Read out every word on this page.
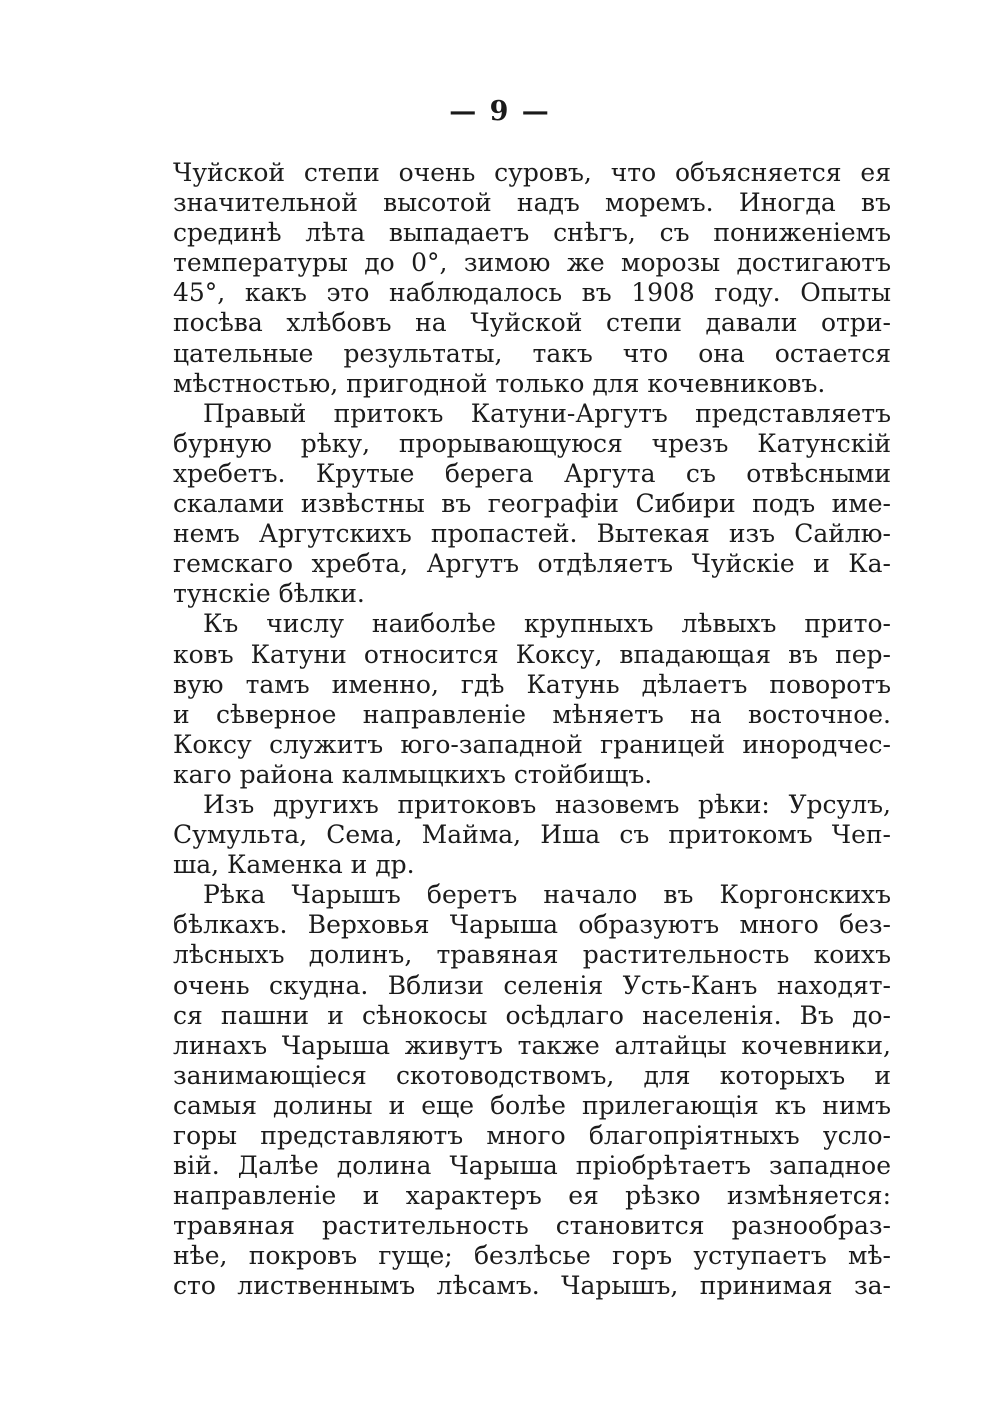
— 9 —
Чуйской степи очень суровъ, что объясняется ея
значительной высотой надъ моремъ. Иногда въ
срединѣ лѣта выпадаетъ снѣгъ, съ пониженіемъ
температуры до 0°, зимою же морозы достигаютъ
45°, какъ это наблюдалось въ 1908 году. Опыты
посѣва хлѣбовъ на Чуйской степи давали отри-
цательные результаты, такъ что она остается
мѣстностью, пригодной только для кочевниковъ.
Правый притокъ Катуни-Аргутъ представляетъ
бурную рѣку, прорывающуюся чрезъ Катунскій
хребетъ. Крутые берега Аргута съ отвѣсными
скалами извѣстны въ географіи Сибири подъ име-
немъ Аргутскихъ пропастей. Вытекая изъ Сайлю-
гемскаго хребта, Аргутъ отдѣляетъ Чуйскіе и Ка-
тунскіе бѣлки.
Къ числу наиболѣе крупныхъ лѣвыхъ прито-
ковъ Катуни относится Коксу, впадающая въ пер-
вую тамъ именно, гдѣ Катунь дѣлаетъ поворотъ
и сѣверное направленіе мѣняетъ на восточное.
Коксу служитъ юго-западной границей инородчес-
каго района калмыцкихъ стойбищъ.
Изъ другихъ притоковъ назовемъ рѣки: Урсулъ,
Сумульта, Сема, Майма, Иша съ притокомъ Чеп-
ша, Каменка и др.
Рѣка Чарышъ беретъ начало въ Коргонскихъ
бѣлкахъ. Верховья Чарыша образуютъ много без-
лѣсныхъ долинъ, травяная растительность коихъ
очень скудна. Вблизи селенія Усть-Канъ находят-
ся пашни и сѣнокосы осѣдлаго населенія. Въ до-
линахъ Чарыша живутъ также алтайцы кочевники,
занимающіеся скотоводствомъ, для которыхъ и
самыя долины и еще болѣе прилегающія къ нимъ
горы представляютъ много благопріятныхъ усло-
вій. Далѣе долина Чарыша пріобрѣтаетъ западное
направленіе и характеръ ея рѣзко измѣняется:
травяная растительность становится разнообраз-
нѣе, покровъ гуще; безлѣсье горъ уступаетъ мѣ-
сто лиственнымъ лѣсамъ. Чарышъ, принимая за-
